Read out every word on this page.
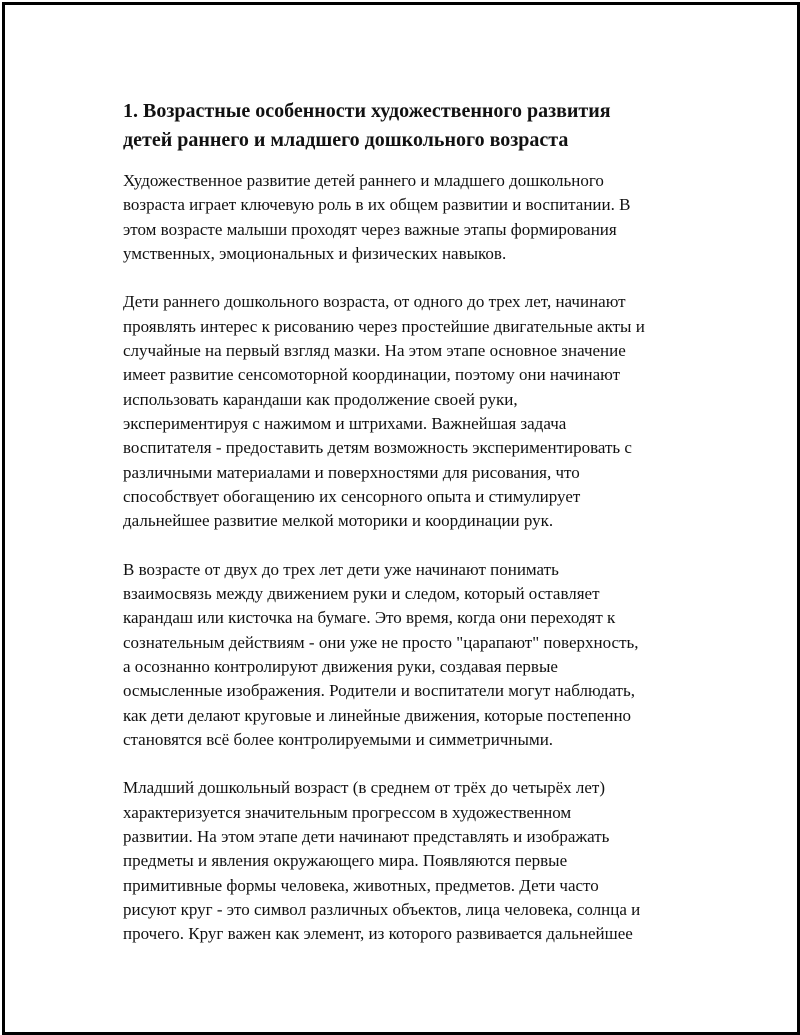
1. Возрастные особенности художественного развития
детей раннего и младшего дошкольного возраста

Художественное развитие детей раннего и младшего дошкольного
возраста играет ключевую роль в их общем развитии и воспитании. В
этом возрасте малыши проходят через важные этапы формирования
умственных, эмоциональных и физических навыков.

Дети раннего дошкольного возраста, от одного до трех лет, начинают
проявлять интерес к рисованию через простейшие двигательные акты и
случайные на первый взгляд мазки. На этом этапе основное значение
имеет развитие сенсомоторной координации, поэтому они начинают
использовать карандаши как продолжение своей руки,
экспериментируя с нажимом и штрихами. Важнейшая задача
воспитателя - предоставить детям возможность экспериментировать с
различными материалами и поверхностями для рисования, что
способствует обогащению их сенсорного опыта и стимулирует
дальнейшее развитие мелкой моторики и координации рук.

В возрасте от двух до трех лет дети уже начинают понимать
взаимосвязь между движением руки и следом, который оставляет
карандаш или кисточка на бумаге. Это время, когда они переходят к
сознательным действиям - они уже не просто "царапают" поверхность,
а осознанно контролируют движения руки, создавая первые
осмысленные изображения. Родители и воспитатели могут наблюдать,
как дети делают круговые и линейные движения, которые постепенно
становятся всё более контролируемыми и симметричными.

Младший дошкольный возраст (в среднем от трёх до четырёх лет)
характеризуется значительным прогрессом в художественном
развитии. На этом этапе дети начинают представлять и изображать
предметы и явления окружающего мира. Появляются первые
примитивные формы человека, животных, предметов. Дети часто
рисуют круг - это символ различных объектов, лица человека, солнца и
прочего. Круг важен как элемент, из которого развивается дальнейшее
